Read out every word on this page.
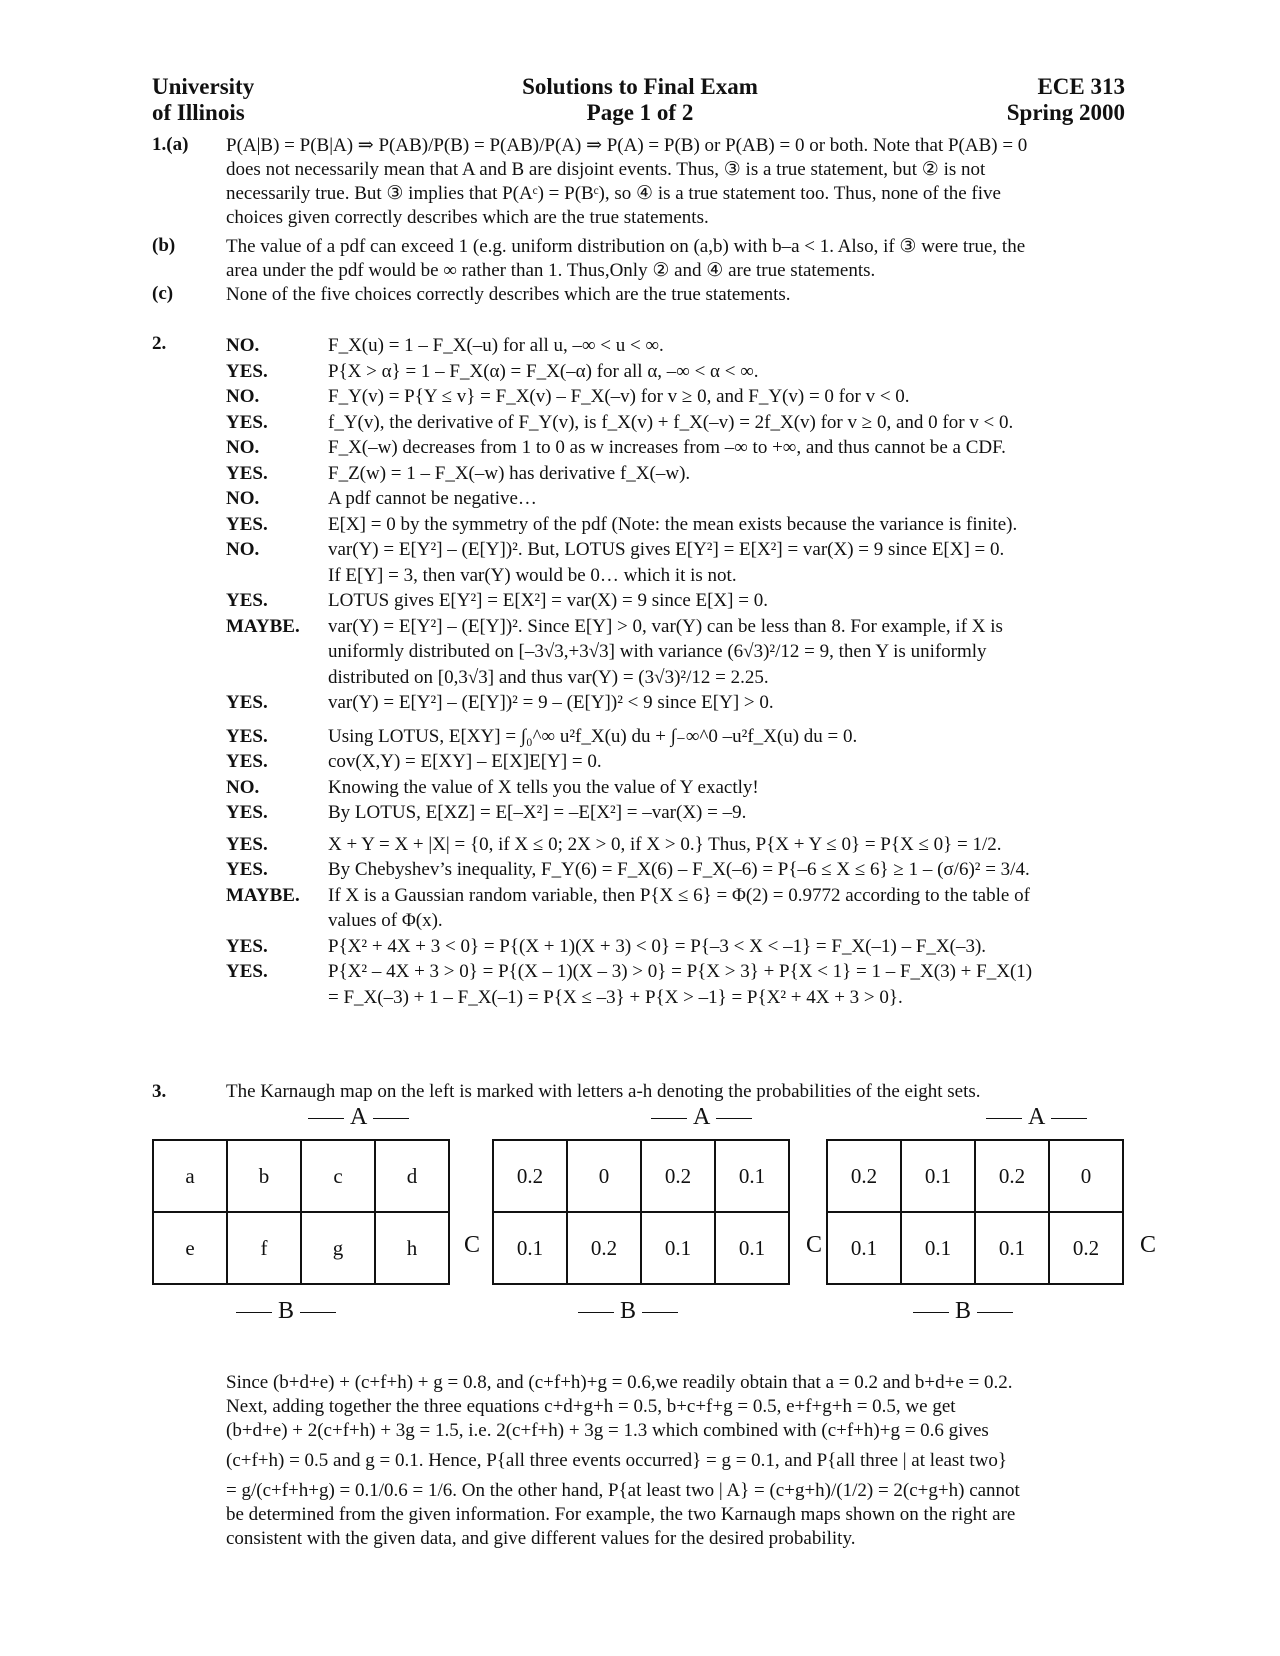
University
of Illinois
Solutions to Final Exam
Page 1 of 2
ECE 313
Spring 2000
1.(a) P(A|B) = P(B|A) ⇒ P(AB)/P(B) = P(AB)/P(A) ⇒ P(A) = P(B) or P(AB) = 0 or both. Note that P(AB) = 0
does not necessarily mean that A and B are disjoint events. Thus, ③ is a true statement, but ② is not
necessarily true. But ③ implies that P(Aᶜ) = P(Bᶜ), so ④ is a true statement too. Thus, none of the five
choices given correctly describes which are the true statements.
(b)	The value of a pdf can exceed 1 (e.g. uniform distribution on (a,b) with b–a < 1. Also, if ③ were true, the
area under the pdf would be ∞ rather than 1. Thus,Only ② and ④ are true statements.
(c)	None of the five choices correctly describes which are the true statements.
2.	NO.	F_X(u) = 1 – F_X(–u) for all u, –∞ < u < ∞.
YES.	P{X > α} = 1 – F_X(α) = F_X(–α) for all α, –∞ < α < ∞.
NO.	F_Y(v) = P{Y ≤ v} = F_X(v) – F_X(–v) for v ≥ 0, and F_Y(v) = 0 for v < 0.
YES.	f_Y(v), the derivative of F_Y(v), is f_X(v) + f_X(–v) = 2f_X(v) for v ≥ 0, and 0 for v < 0.
NO.	F_X(–w) decreases from 1 to 0 as w increases from –∞ to +∞, and thus cannot be a CDF.
YES.	F_Z(w) = 1 – F_X(–w) has derivative f_X(–w).
NO.	A pdf cannot be negative…
YES.	E[X] = 0 by the symmetry of the pdf (Note: the mean exists because the variance is finite).
NO.	var(Y) = E[Y²] – (E[Y])². But, LOTUS gives E[Y²] = E[X²] = var(X) = 9 since E[X] = 0.
If E[Y] = 3, then var(Y) would be 0… which it is not.
YES.	LOTUS gives E[Y²] = E[X²] = var(X) = 9 since E[X] = 0.
MAYBE.	var(Y) = E[Y²] – (E[Y])². Since E[Y] > 0, var(Y) can be less than 8. For example, if X is
uniformly distributed on [–3√3,+3√3] with variance (6√3)²/12 = 9, then Y is uniformly
distributed on [0,3√3] and thus var(Y) = (3√3)²/12 = 2.25.
YES.	var(Y) = E[Y²] – (E[Y])² = 9 – (E[Y])² < 9 since E[Y] > 0.
YES.	Using LOTUS, E[XY] = ∫₀^∞ u²f_X(u) du + ∫₋∞^0 –u²f_X(u) du = 0.
YES.	cov(X,Y) = E[XY] – E[X]E[Y] = 0.
NO.	Knowing the value of X tells you the value of Y exactly!
YES.	By LOTUS, E[XZ] = E[–X²] = –E[X²] = –var(X) = –9.
YES.	X + Y = X + |X| = {0, if X ≤ 0; 2X > 0, if X > 0.} Thus, P{X + Y ≤ 0} = P{X ≤ 0} = 1/2.
YES.	By Chebyshev’s inequality, F_Y(6) = F_X(6) – F_X(–6) = P{–6 ≤ X ≤ 6} ≥ 1 – (σ/6)² = 3/4.
MAYBE.	If X is a Gaussian random variable, then P{X ≤ 6} = Φ(2) = 0.9772 according to the table of
values of Φ(x).
YES.	P{X² + 4X + 3 < 0} = P{(X + 1)(X + 3) < 0} = P{–3 < X < –1} = F_X(–1) – F_X(–3).
YES.	P{X² – 4X + 3 > 0} = P{(X – 1)(X – 3) > 0} = P{X > 3} + P{X < 1} = 1 – F_X(3) + F_X(1)
= F_X(–3) + 1 – F_X(–1) = P{X ≤ –3} + P{X > –1} = P{X² + 4X + 3 > 0}.
3.	The Karnaugh map on the left is marked with letters a-h denoting the probabilities of the eight sets.
A	A	A
a	b	c	d
e	f	g	h
0.2	0	0.2	0.1
0.1	0.2	0.1	0.1
0.2	0.1	0.2	0
0.1	0.1	0.1	0.2
C	C	C
B	B	B
Since (b+d+e) + (c+f+h) + g = 0.8, and (c+f+h)+g = 0.6,we readily obtain that a = 0.2 and b+d+e = 0.2.
Next, adding together the three equations c+d+g+h = 0.5, b+c+f+g = 0.5, e+f+g+h = 0.5, we get
(b+d+e) + 2(c+f+h) + 3g = 1.5, i.e. 2(c+f+h) + 3g = 1.3 which combined with (c+f+h)+g = 0.6 gives
(c+f+h) = 0.5 and g = 0.1. Hence, P{all three events occurred} = g = 0.1, and P{all three | at least two}
= g/(c+f+h+g) = 0.1/0.6 = 1/6. On the other hand, P{at least two | A} = (c+g+h)/(1/2) = 2(c+g+h) cannot
be determined from the given information. For example, the two Karnaugh maps shown on the right are
consistent with the given data, and give different values for the desired probability.
